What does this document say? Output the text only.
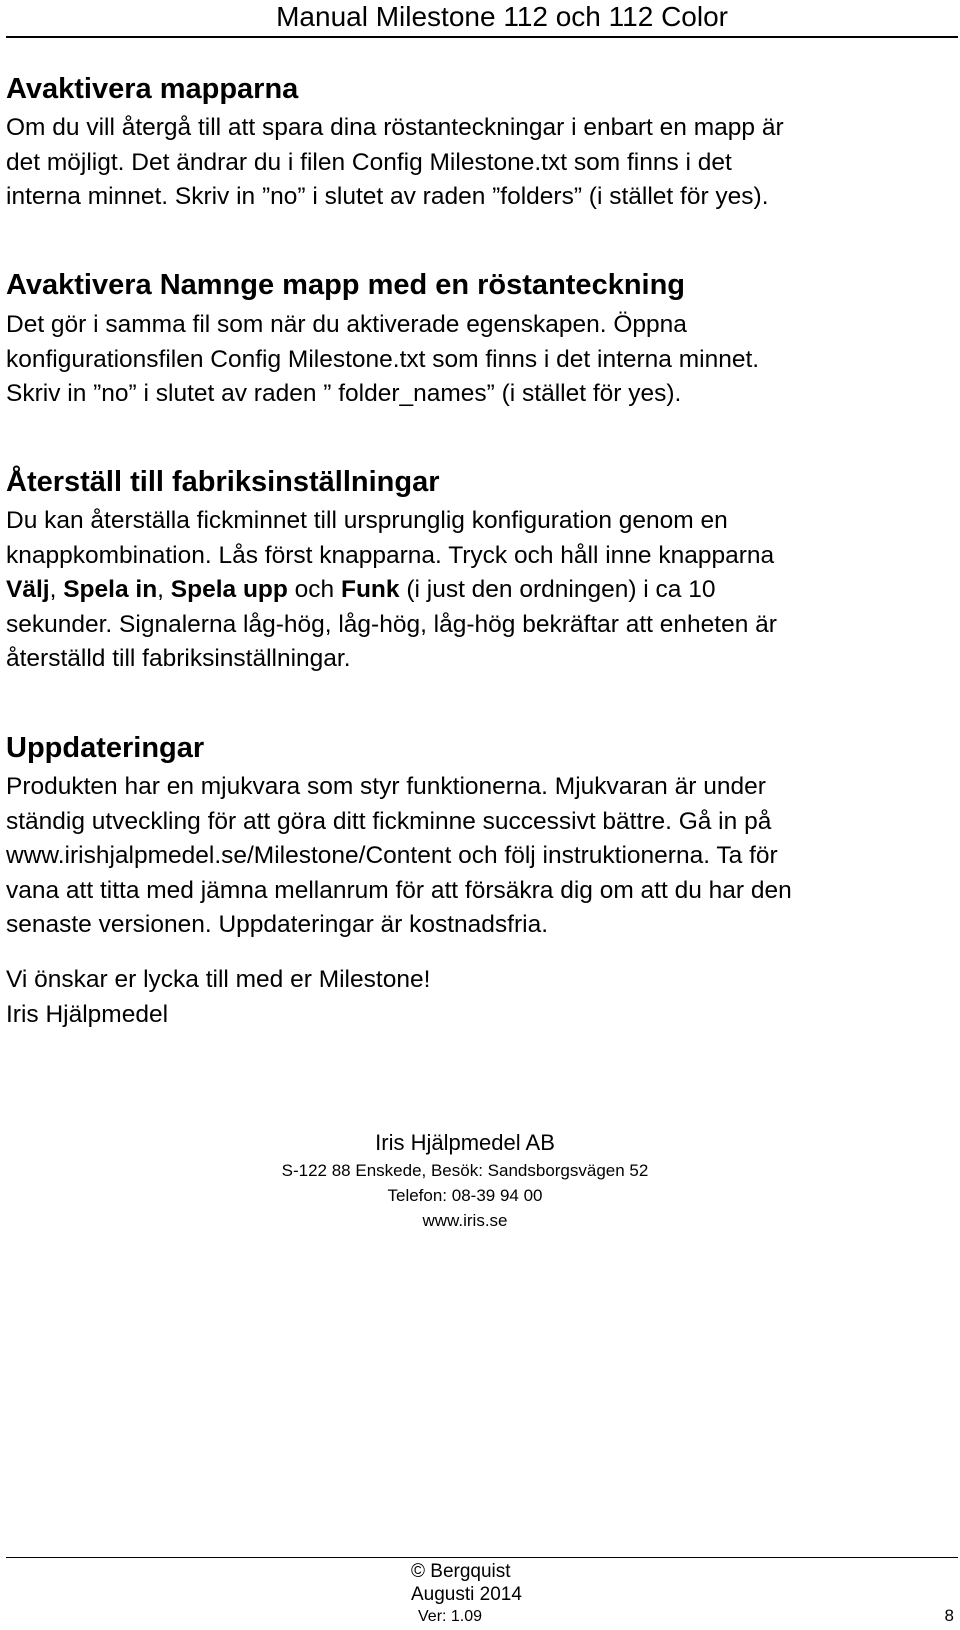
Manual Milestone 112 och 112 Color
Avaktivera mapparna
Om du vill återgå till att spara dina röstanteckningar i enbart en mapp är
det möjligt. Det ändrar du i filen Config Milestone.txt som finns i det
interna minnet. Skriv in ”no” i slutet av raden ”folders” (i stället för yes).
Avaktivera Namnge mapp med en röstanteckning
Det gör i samma fil som när du aktiverade egenskapen. Öppna
konfigurationsfilen Config Milestone.txt som finns i det interna minnet.
Skriv in ”no” i slutet av raden ” folder_names” (i stället för yes).
Återställ till fabriksinställningar
Du kan återställa fickminnet till ursprunglig konfiguration genom en
knappkombination. Lås först knapparna. Tryck och håll inne knapparna
Välj, Spela in, Spela upp och Funk (i just den ordningen) i ca 10
sekunder. Signalerna låg-hög, låg-hög, låg-hög bekräftar att enheten är
återställd till fabriksinställningar.
Uppdateringar
Produkten har en mjukvara som styr funktionerna. Mjukvaran är under
ständig utveckling för att göra ditt fickminne successivt bättre. Gå in på
www.irishjalpmedel.se/Milestone/Content och följ instruktionerna. Ta för
vana att titta med jämna mellanrum för att försäkra dig om att du har den
senaste versionen. Uppdateringar är kostnadsfria.
Vi önskar er lycka till med er Milestone!
Iris Hjälpmedel
Iris Hjälpmedel AB
S-122 88 Enskede, Besök: Sandsborgsvägen 52
Telefon: 08-39 94 00
www.iris.se
© Bergquist
Augusti 2014
Ver: 1.09	8
